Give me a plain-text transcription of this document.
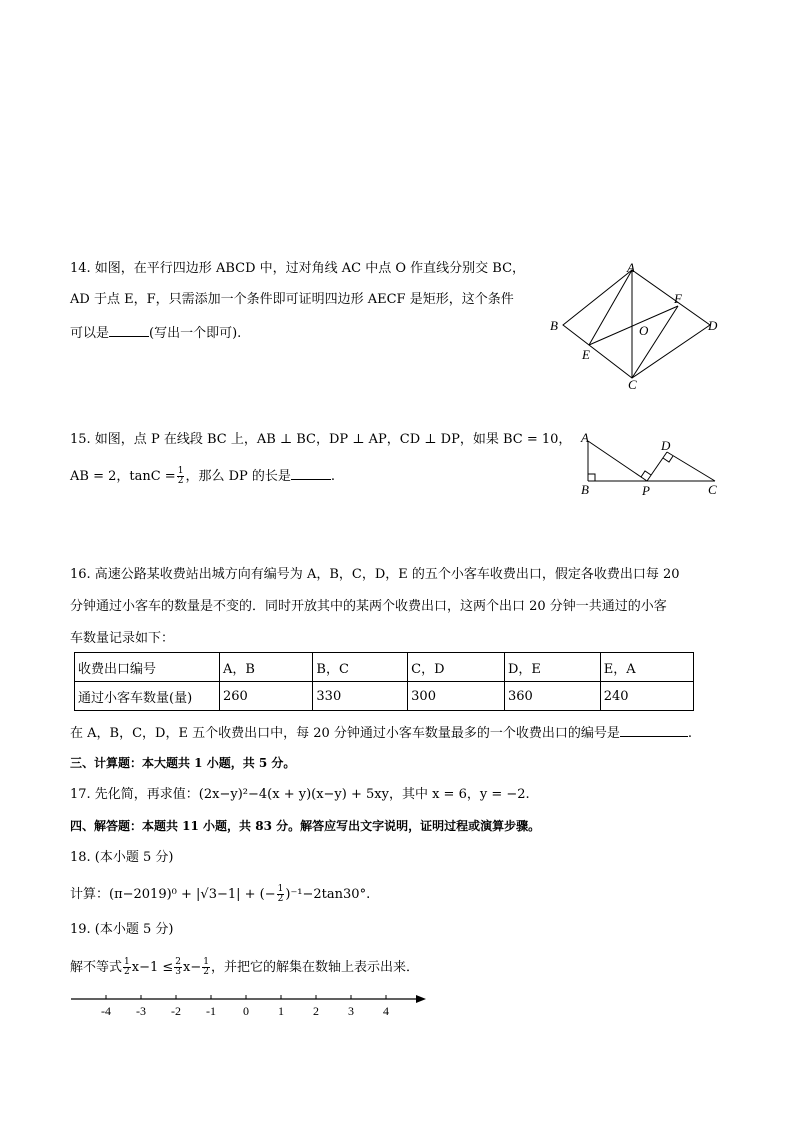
14. 如图，在平行四边形 ABCD 中，过对角线 AC 中点 O 作直线分别交 BC，
AD 于点 E，F，只需添加一个条件即可证明四边形 AECF 是矩形，这个条件
可以是	(写出一个即可).
A
B
C
D
E
F
O
15. 如图，点 P 在线段 BC 上，AB ⊥ BC，DP ⊥ AP，CD ⊥ DP，如果 BC = 10，
AB = 2，$\tan C = \frac{1}{2}$ ，那么 DP 的长是	.
A
B	P
D
C
16. 高速公路某收费站出城方向有编号为 A，B，C，D，E 的五个小客车收费出口，假定各收费出口每 20
分钟通过小客车的数量是不变的．同时开放其中的某两个收费出口，这两个出口 20 分钟一共通过的小客
车数量记录如下：
收费出口编号	A，B	B，C	C，D	D，E	E，A
通过小客车数量(量)	260	330	300	360	240
在 A，B，C，D，E 五个收费出口中，每 20 分钟通过小客车数量最多的一个收费出口的编号是	.
三、计算题：本大题共 1 小题，共 5 分。
17. 先化简，再求值：(2x−y)²−4(x + y)(x−y) + 5xy，其中 x = 6，y = −2.
四、解答题：本题共 11 小题，共 83 分。解答应写出文字说明，证明过程或演算步骤。
18. (本小题 5 分)
计算：(π−2019)⁰ + |√3−1| + (− $\frac{1}{2} )^{-1}-2\tan 30^\circ$.
19. (本小题 5 分)
解不等式 $\frac{1}{2} x-1 \le \frac{2}{3} x- \frac{1}{2}$ ，并把它的解集在数轴上表示出来．
-4 -3 -2 -1 0 1 2 3 4
